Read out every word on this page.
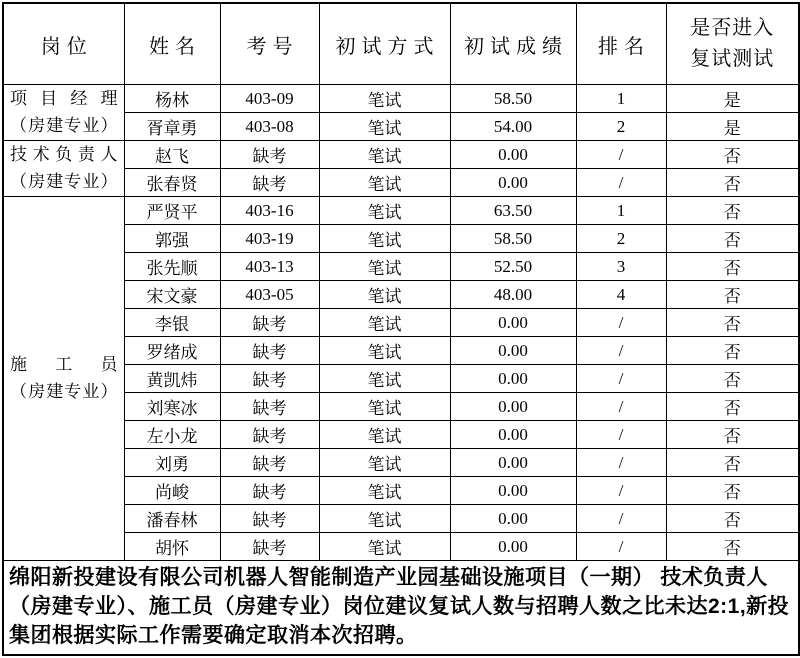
岗位	姓名	考号	初试方式	初试成绩	排名	是否进入复试测试

项目经理
（房建专业）	杨林	403-09	笔试	58.50	1	是
	胥章勇	403-08	笔试	54.00	2	是

技术负责人
（房建专业）	赵飞	缺考	笔试	0.00	/	否
	张春贤	缺考	笔试	0.00	/	否

施工员
（房建专业）	严贤平	403-16	笔试	63.50	1	否
	郭强	403-19	笔试	58.50	2	否
	张先顺	403-13	笔试	52.50	3	否
	宋文豪	403-05	笔试	48.00	4	否
	李银	缺考	笔试	0.00	/	否
	罗绪成	缺考	笔试	0.00	/	否
	黄凯炜	缺考	笔试	0.00	/	否
	刘寒冰	缺考	笔试	0.00	/	否
	左小龙	缺考	笔试	0.00	/	否
	刘勇	缺考	笔试	0.00	/	否
	尚峻	缺考	笔试	0.00	/	否
	潘春林	缺考	笔试	0.00	/	否
	胡怀	缺考	笔试	0.00	/	否
绵阳新投建设有限公司机器人智能制造产业园基础设施项目（一期） 技术负责人（房建专业）、施工员（房建专业）岗位建议复试人数与招聘人数之比未达2:1,新投集团根据实际工作需要确定取消本次招聘。						
